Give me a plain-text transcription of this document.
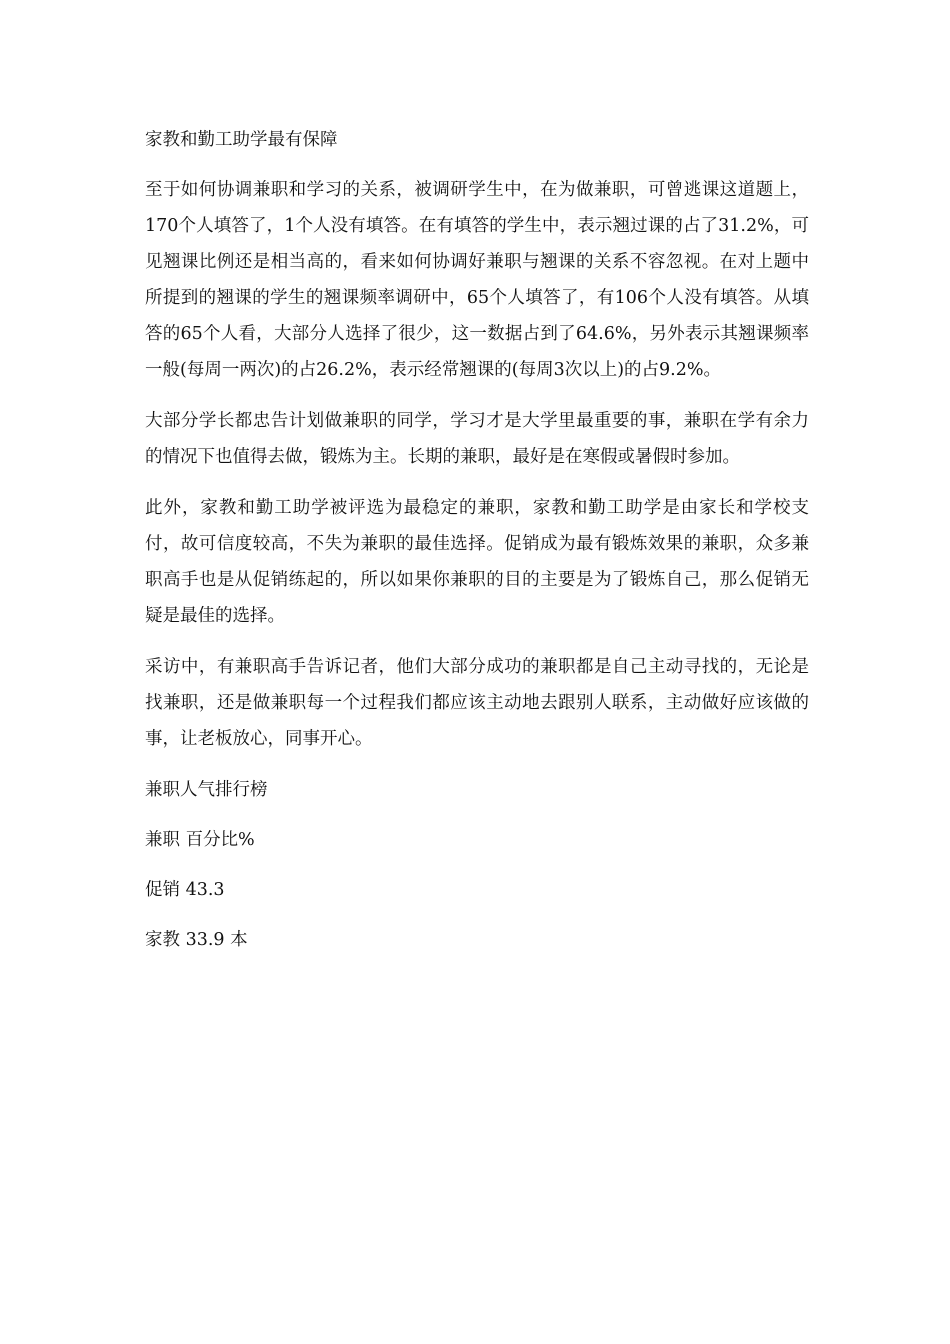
家教和勤工助学最有保障

至于如何协调兼职和学习的关系，被调研学生中，在为做兼职，可曾逃课这道题上，170个人填答了，1个人没有填答。在有填答的学生中，表示翘过课的占了31.2%，可见翘课比例还是相当高的，看来如何协调好兼职与翘课的关系不容忽视。在对上题中所提到的翘课的学生的翘课频率调研中，65个人填答了，有106个人没有填答。从填答的65个人看，大部分人选择了很少，这一数据占到了64.6%，另外表示其翘课频率一般(每周一两次)的占26.2%，表示经常翘课的(每周3次以上)的占9.2%。

大部分学长都忠告计划做兼职的同学，学习才是大学里最重要的事，兼职在学有余力的情况下也值得去做，锻炼为主。长期的兼职，最好是在寒假或暑假时参加。

此外，家教和勤工助学被评选为最稳定的兼职，家教和勤工助学是由家长和学校支付，故可信度较高，不失为兼职的最佳选择。促销成为最有锻炼效果的兼职，众多兼职高手也是从促销练起的，所以如果你兼职的目的主要是为了锻炼自己，那么促销无疑是最佳的选择。

采访中，有兼职高手告诉记者，他们大部分成功的兼职都是自己主动寻找的，无论是找兼职，还是做兼职每一个过程我们都应该主动地去跟别人联系，主动做好应该做的事，让老板放心，同事开心。

兼职人气排行榜
兼职 百分比%
促销 43.3
家教 33.9 本
